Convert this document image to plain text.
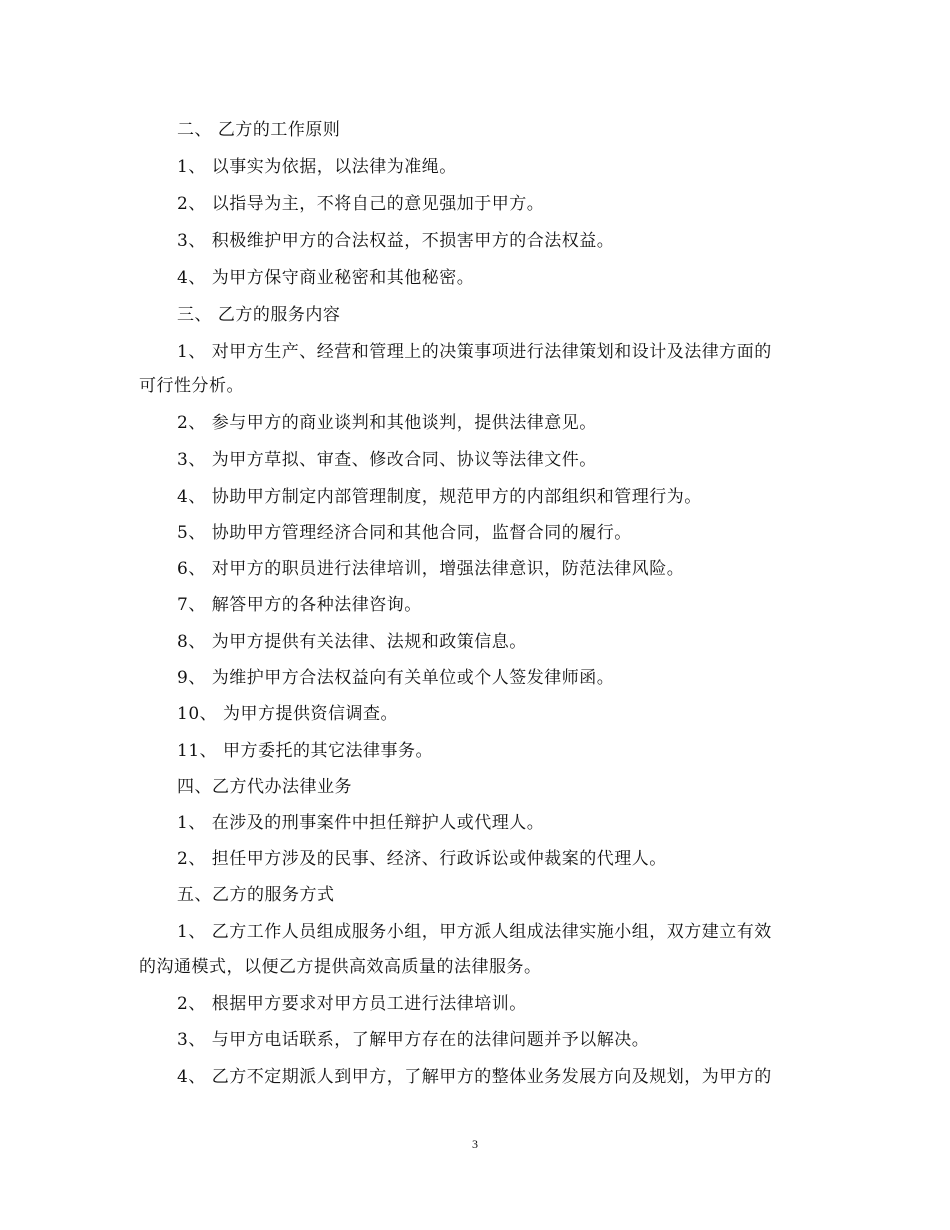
二、 乙方的工作原则
1、 以事实为依据，以法律为准绳。
2、 以指导为主，不将自己的意见强加于甲方。
3、 积极维护甲方的合法权益，不损害甲方的合法权益。
4、 为甲方保守商业秘密和其他秘密。
三、 乙方的服务内容
1、 对甲方生产、经营和管理上的决策事项进行法律策划和设计及法律方面的
可行性分析。
2、 参与甲方的商业谈判和其他谈判，提供法律意见。
3、 为甲方草拟、审查、修改合同、协议等法律文件。
4、 协助甲方制定内部管理制度，规范甲方的内部组织和管理行为。
5、 协助甲方管理经济合同和其他合同，监督合同的履行。
6、 对甲方的职员进行法律培训，增强法律意识，防范法律风险。
7、 解答甲方的各种法律咨询。
8、 为甲方提供有关法律、法规和政策信息。
9、 为维护甲方合法权益向有关单位或个人签发律师函。
10、 为甲方提供资信调查。
11、 甲方委托的其它法律事务。
四、乙方代办法律业务
1、 在涉及的刑事案件中担任辩护人或代理人。
2、 担任甲方涉及的民事、经济、行政诉讼或仲裁案的代理人。
五、乙方的服务方式
1、 乙方工作人员组成服务小组，甲方派人组成法律实施小组，双方建立有效
的沟通模式，以便乙方提供高效高质量的法律服务。
2、 根据甲方要求对甲方员工进行法律培训。
3、 与甲方电话联系，了解甲方存在的法律问题并予以解决。
4、 乙方不定期派人到甲方，了解甲方的整体业务发展方向及规划，为甲方的
3
